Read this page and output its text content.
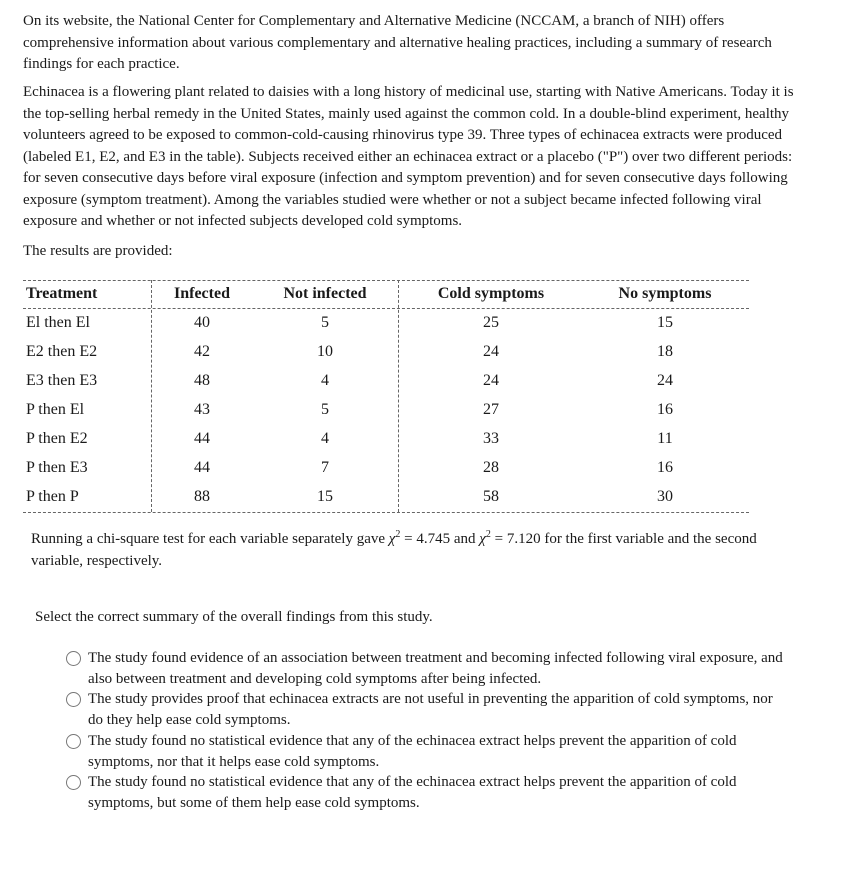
On its website, the National Center for Complementary and Alternative Medicine (NCCAM, a branch of NIH) offers comprehensive information about various complementary and alternative healing practices, including a summary of research findings for each practice.

Echinacea is a flowering plant related to daisies with a long history of medicinal use, starting with Native Americans. Today it is the top-selling herbal remedy in the United States, mainly used against the common cold. In a double-blind experiment, healthy volunteers agreed to be exposed to common-cold-causing rhinovirus type 39. Three types of echinacea extracts were produced (labeled E1, E2, and E3 in the table). Subjects received either an echinacea extract or a placebo ("P") over two different periods: for seven consecutive days before viral exposure (infection and symptom prevention) and for seven consecutive days following exposure (symptom treatment). Among the variables studied were whether or not a subject became infected following viral exposure and whether or not infected subjects developed cold symptoms.

The results are provided:

Treatment	Infected	Not infected	Cold symptoms	No symptoms
El then El	40	5	25	15
E2 then E2	42	10	24	18
E3 then E3	48	4	24	24
P then El	43	5	27	16
P then E2	44	4	33	11
P then E3	44	7	28	16
P then P	88	15	58	30

Running a chi-square test for each variable separately gave $\chi^2 = 4.745$ and $\chi^2 = 7.120$ for the first variable and the second variable, respectively.

Select the correct summary of the overall findings from this study.

The study found evidence of an association between treatment and becoming infected following viral exposure, and also between treatment and developing cold symptoms after being infected.
The study provides proof that echinacea extracts are not useful in preventing the apparition of cold symptoms, nor do they help ease cold symptoms.
The study found no statistical evidence that any of the echinacea extract helps prevent the apparition of cold symptoms, nor that it helps ease cold symptoms.
The study found no statistical evidence that any of the echinacea extract helps prevent the apparition of cold symptoms, but some of them help ease cold symptoms.
